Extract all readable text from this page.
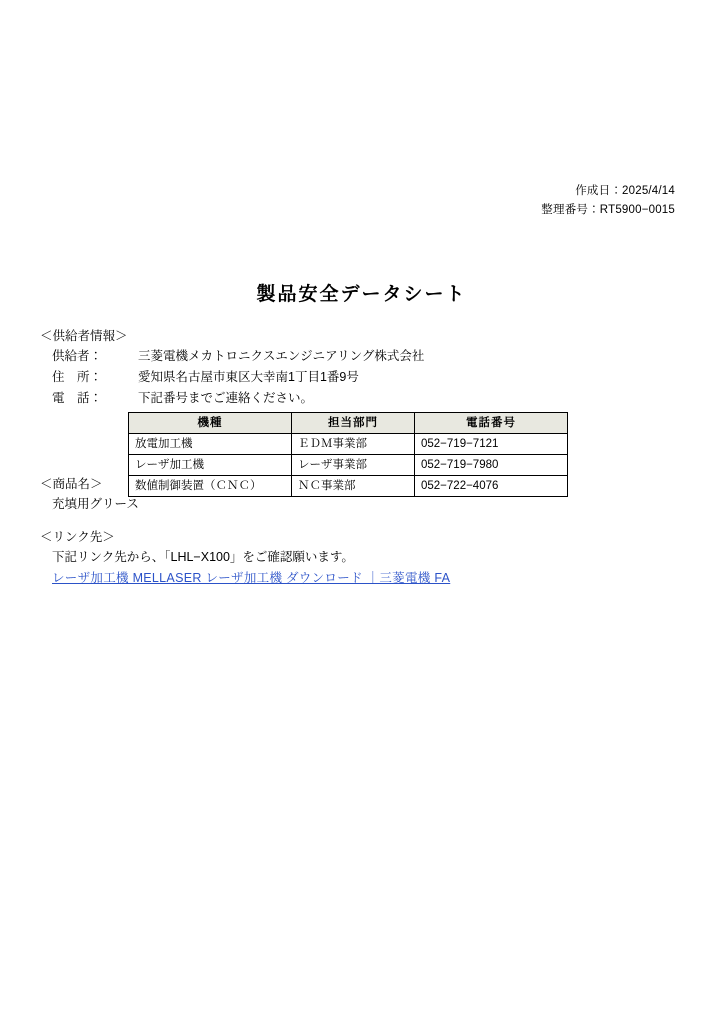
作成日：2025/4/14
整理番号：RT5900−0015
製品安全データシート
＜供給者情報＞
供給者：	三菱電機メカトロニクスエンジニアリング株式会社
住　所：	愛知県名古屋市東区大幸南1丁目1番9号
電　話：	下記番号までご連絡ください。
機種	担当部門	電話番号
放電加工機	ＥＤＭ事業部	052−719−7121
レーザ加工機	レーザ事業部	052−719−7980
数値制御装置（ＣＮＣ）	ＮＣ事業部	052−722−4076
＜商品名＞
充填用グリース
＜リンク先＞
下記リンク先から、「LHL−X100」をご確認願います。
レーザ加工機 MELLASER レーザ加工機 ダウンロード ｜三菱電機 FA
